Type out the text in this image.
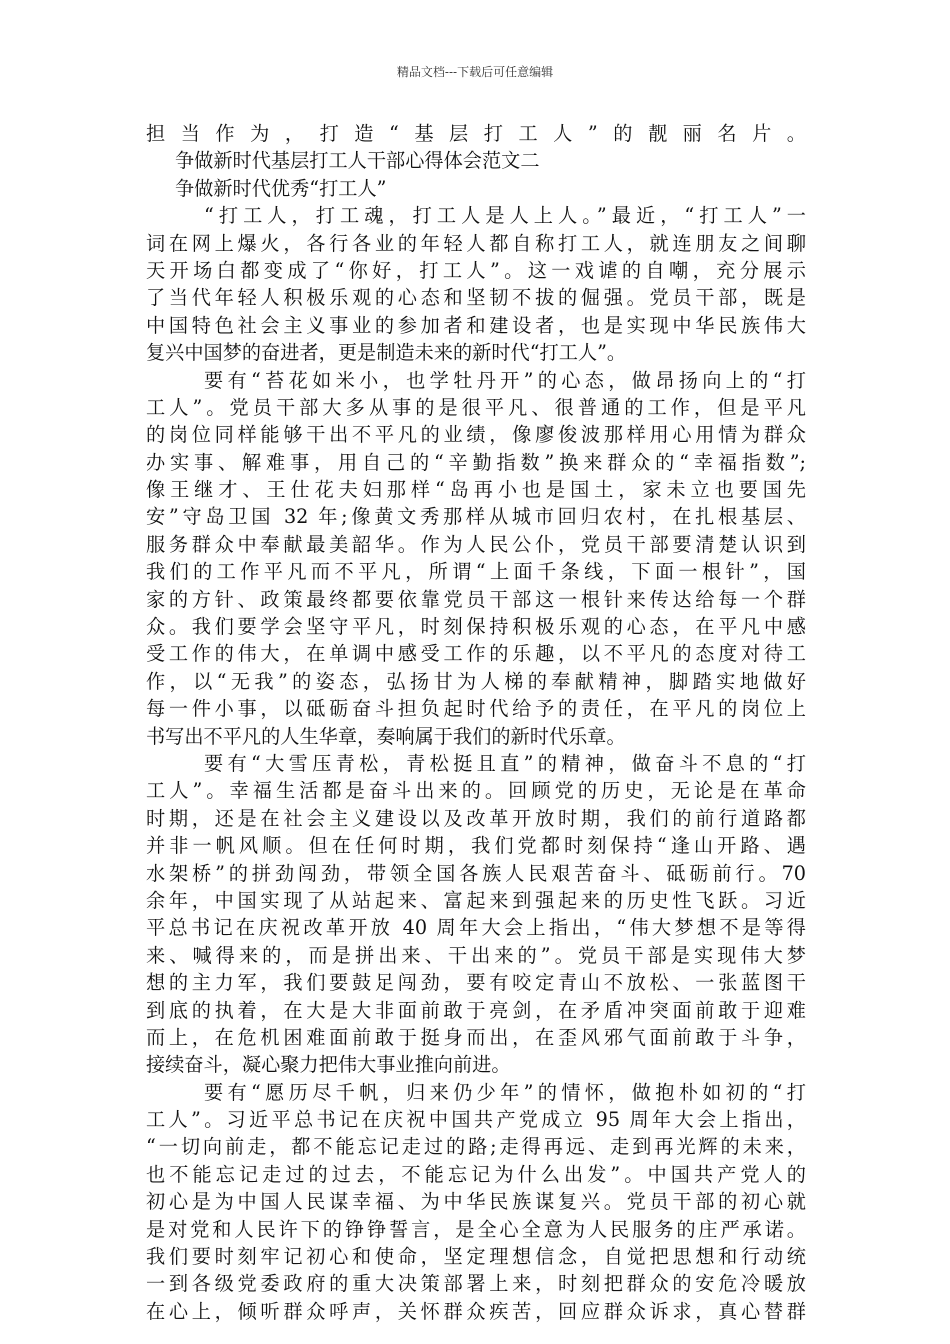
精品文档---下载后可任意编辑
担当作为，打造“基层打工人”的靓丽名片。
争做新时代基层打工人干部心得体会范文二
争做新时代优秀“打工人”
“打工人，打工魂，打工人是人上人。”最近，“打工人”一
词在网上爆火，各行各业的年轻人都自称打工人，就连朋友之间聊
天开场白都变成了“你好，打工人”。这一戏谑的自嘲，充分展示
了当代年轻人积极乐观的心态和坚韧不拔的倔强。党员干部，既是
中国特色社会主义事业的参加者和建设者，也是实现中华民族伟大
复兴中国梦的奋进者，更是制造未来的新时代“打工人”。
要有“苔花如米小，也学牡丹开”的心态，做昂扬向上的“打
工人”。党员干部大多从事的是很平凡、很普通的工作，但是平凡
的岗位同样能够干出不平凡的业绩，像廖俊波那样用心用情为群众
办实事、解难事，用自己的“辛勤指数”换来群众的“幸福指数”;
像王继才、王仕花夫妇那样“岛再小也是国土，家未立也要国先
安”守岛卫国 32 年;像黄文秀那样从城市回归农村，在扎根基层、
服务群众中奉献最美韶华。作为人民公仆，党员干部要清楚认识到
我们的工作平凡而不平凡，所谓“上面千条线，下面一根针”，国
家的方针、政策最终都要依靠党员干部这一根针来传达给每一个群
众。我们要学会坚守平凡，时刻保持积极乐观的心态，在平凡中感
受工作的伟大，在单调中感受工作的乐趣，以不平凡的态度对待工
作，以“无我”的姿态，弘扬甘为人梯的奉献精神，脚踏实地做好
每一件小事，以砥砺奋斗担负起时代给予的责任，在平凡的岗位上
书写出不平凡的人生华章，奏响属于我们的新时代乐章。
要有“大雪压青松，青松挺且直”的精神，做奋斗不息的“打
工人”。幸福生活都是奋斗出来的。回顾党的历史，无论是在革命
时期，还是在社会主义建设以及改革开放时期，我们的前行道路都
并非一帆风顺。但在任何时期，我们党都时刻保持“逢山开路、遇
水架桥”的拼劲闯劲，带领全国各族人民艰苦奋斗、砥砺前行。70
余年，中国实现了从站起来、富起来到强起来的历史性飞跃。习近
平总书记在庆祝改革开放 40 周年大会上指出，“伟大梦想不是等得
来、喊得来的，而是拼出来、干出来的”。党员干部是实现伟大梦
想的主力军，我们要鼓足闯劲，要有咬定青山不放松、一张蓝图干
到底的执着，在大是大非面前敢于亮剑，在矛盾冲突面前敢于迎难
而上，在危机困难面前敢于挺身而出，在歪风邪气面前敢于斗争，
接续奋斗，凝心聚力把伟大事业推向前进。
要有“愿历尽千帆，归来仍少年”的情怀，做抱朴如初的“打
工人”。习近平总书记在庆祝中国共产党成立 95 周年大会上指出，
“一切向前走，都不能忘记走过的路;走得再远、走到再光辉的未来，
也不能忘记走过的过去，不能忘记为什么出发”。中国共产党人的
初心是为中国人民谋幸福、为中华民族谋复兴。党员干部的初心就
是对党和人民许下的铮铮誓言，是全心全意为人民服务的庄严承诺。
我们要时刻牢记初心和使命，坚定理想信念，自觉把思想和行动统
一到各级党委政府的重大决策部署上来，时刻把群众的安危冷暖放
在心上，倾听群众呼声，关怀群众疾苦，回应群众诉求，真心替群
